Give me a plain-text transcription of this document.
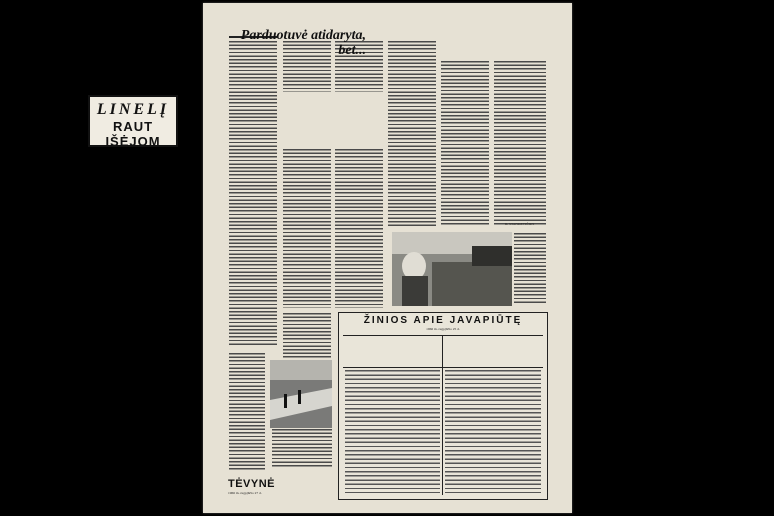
LINELĮ
RAUT IŠĖJOM
Parduotuvė atidaryta, bet...
ŽINIOS APIE JAVAPIŪTĘ
1966 m. rugpjūčio 25 d.
TĖVYNĖ
1966 m. rugpjūčio 27 d.
R. STANKEVIČIUS
